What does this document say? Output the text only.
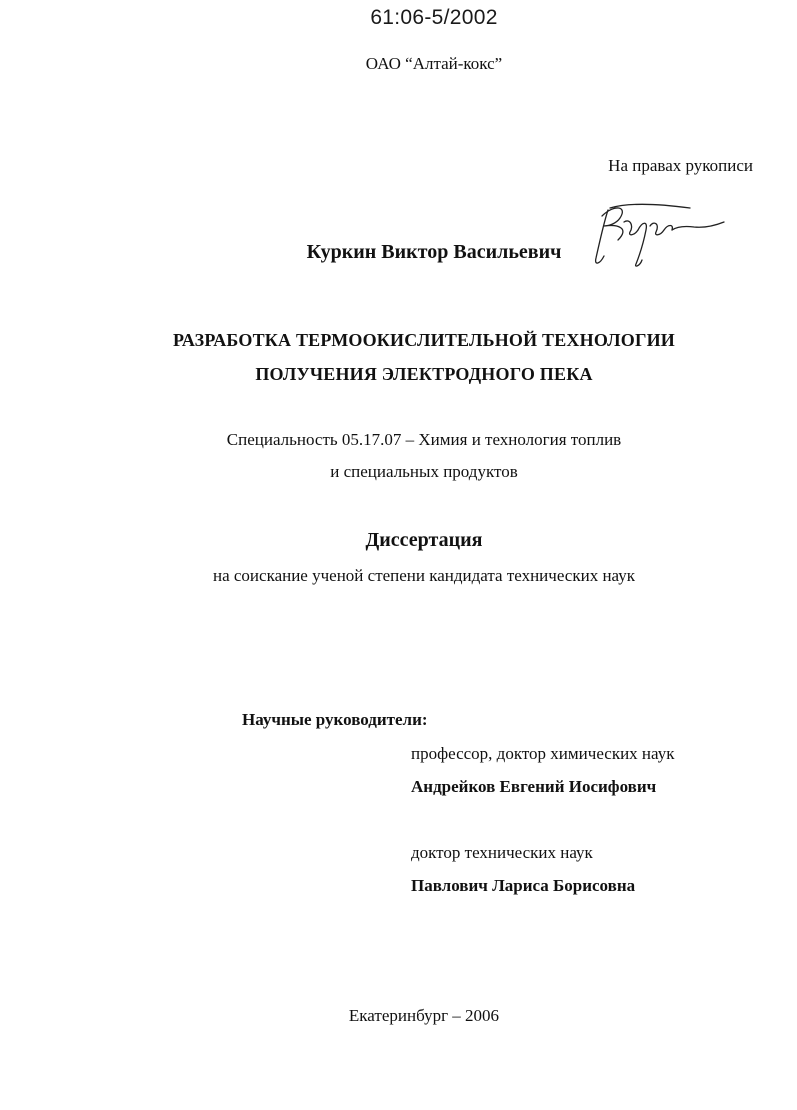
61:06-5/2002
ОАО “Алтай-кокс”
На правах рукописи
Куркин Виктор Васильевич
РАЗРАБОТКА ТЕРМООКИСЛИТЕЛЬНОЙ ТЕХНОЛОГИИ
ПОЛУЧЕНИЯ ЭЛЕКТРОДНОГО ПЕКА
Специальность 05.17.07 – Химия и технология топлив
и специальных продуктов
Диссертация
на соискание ученой степени кандидата технических наук
Научные руководители:
профессор, доктор химических наук
Андрейков Евгений Иосифович
доктор технических наук
Павлович Лариса Борисовна
Екатеринбург – 2006
